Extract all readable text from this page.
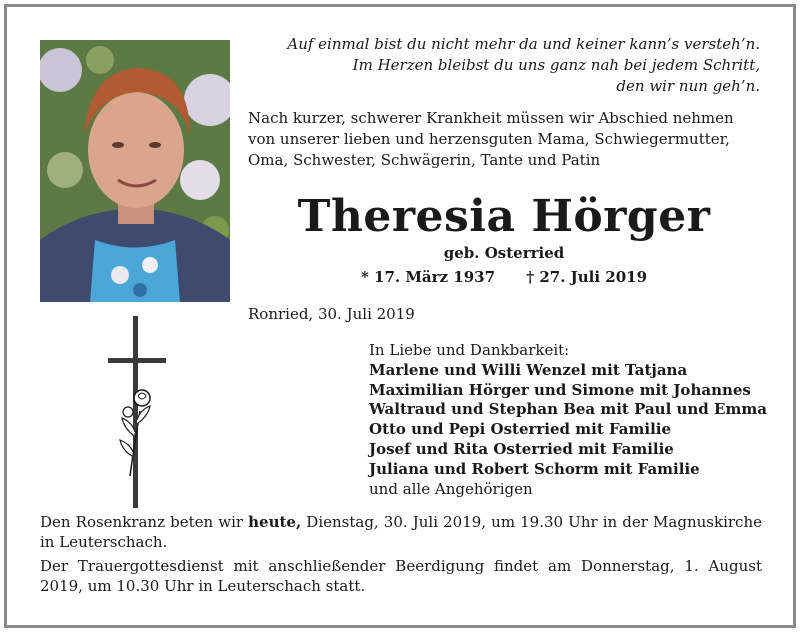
Auf einmal bist du nicht mehr da und keiner kann’s versteh’n.
Im Herzen bleibst du uns ganz nah bei jedem Schritt,
den wir nun geh’n.
Nach kurzer, schwerer Krankheit müssen wir Abschied nehmen
von unserer lieben und herzensguten Mama, Schwiegermutter,
Oma, Schwester, Schwägerin, Tante und Patin
Theresia Hörger
geb. Osterried
* 17. März 1937 † 27. Juli 2019
Ronried, 30. Juli 2019
In Liebe und Dankbarkeit:
Marlene und Willi Wenzel mit Tatjana
Maximilian Hörger und Simone mit Johannes
Waltraud und Stephan Bea mit Paul und Emma
Otto und Pepi Osterried mit Familie
Josef und Rita Osterried mit Familie
Juliana und Robert Schorm mit Familie
und alle Angehörigen

Den Rosenkranz beten wir heute, Dienstag, 30. Juli 2019, um 19.30 Uhr in der Magnuskirche in Leuterschach.

Der Trauergottesdienst mit anschließender Beerdigung findet am Donnerstag, 1. August 2019, um 10.30 Uhr in Leuterschach statt.
